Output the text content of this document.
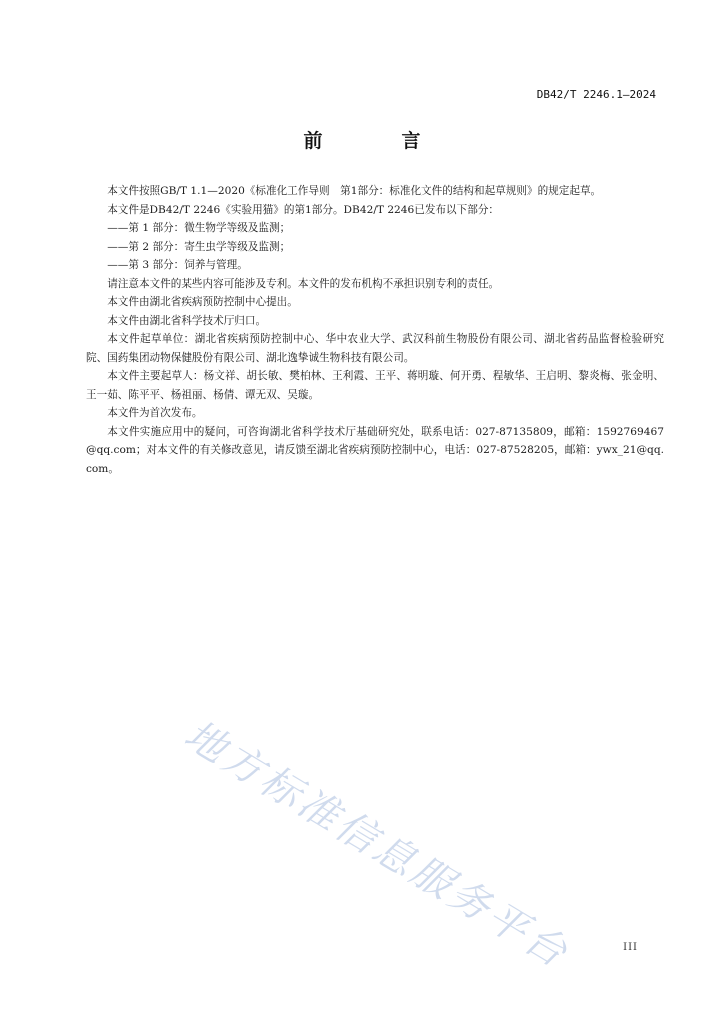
DB42/T 2246.1—2024
前　言

本文件按照GB/T 1.1—2020《标准化工作导则　第1部分：标准化文件的结构和起草规则》的规定起草。

本文件是DB42/T 2246《实验用猫》的第1部分。DB42/T 2246已发布以下部分：

——第 1 部分：微生物学等级及监测；

——第 2 部分：寄生虫学等级及监测；

——第 3 部分：饲养与管理。

请注意本文件的某些内容可能涉及专利。本文件的发布机构不承担识别专利的责任。

本文件由湖北省疾病预防控制中心提出。

本文件由湖北省科学技术厅归口。

本文件起草单位：湖北省疾病预防控制中心、华中农业大学、武汉科前生物股份有限公司、湖北省药品监督检验研究院、国药集团动物保健股份有限公司、湖北逸挚诚生物科技有限公司。

本文件主要起草人：杨文祥、胡长敏、樊柏林、王利霞、王平、蒋明璇、何开勇、程敏华、王启明、黎炎梅、张金明、王一茹、陈平平、杨祖丽、杨倩、谭无双、吴璇。

本文件为首次发布。

本文件实施应用中的疑问，可咨询湖北省科学技术厅基础研究处，联系电话：027-87135809，邮箱：1592769467@qq.com；对本文件的有关修改意见，请反馈至湖北省疾病预防控制中心，电话：027-87528205，邮箱：ywx_21@qq.com。

地方标准信息服务平台	III
